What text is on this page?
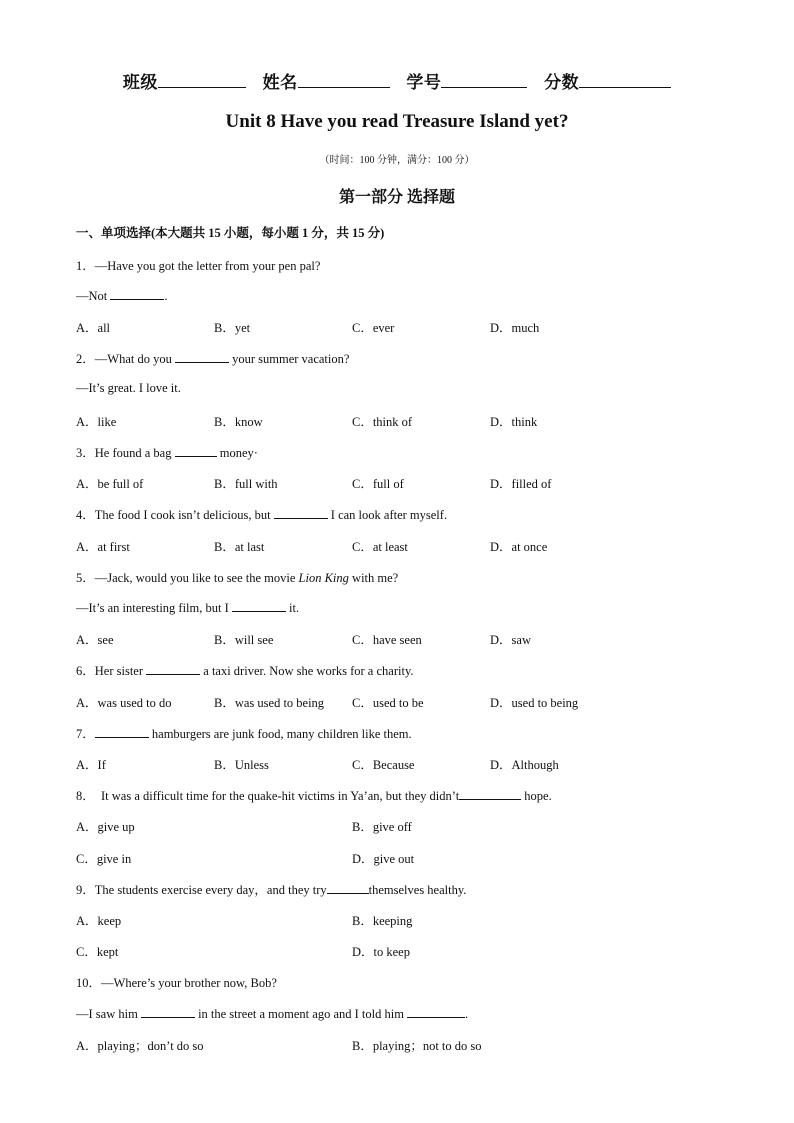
班级	姓名	学号	分数
Unit 8 Have you read Treasure Island yet?
（时间：100 分钟，满分：100 分）
第一部分 选择题
一、单项选择(本大题共 15 小题，每小题 1 分，共 15 分)
1．—Have you got the letter from your pen pal?
—Not	.
A．all	B．yet	C．ever	D．much
2．—What do you	your summer vacation?
—It’s great. I love it.
A．like	B．know	C．think of	D．think
3．He found a bag	money·
A．be full of	B．full with	C．full of	D．filled of
4．The food I cook isn’t delicious, but	I can look after myself.
A．at first	B．at last	C．at least	D．at once
5．—Jack, would you like to see the movie Lion King with me?
—It’s an interesting film, but I	it.
A．see	B．will see	C．have seen	D．saw
6．Her sister	a taxi driver. Now she works for a charity.
A．was used to do	B．was used to being C．used to be	D．used to being
7．	hamburgers are junk food, many children like them.
A．If	B．Unless	C．Because	D．Although
8．  It was a difficult time for the quake-hit victims in Ya’an, but they didn’t	hope.
A．give up	B．give off
C．give in	D．give out
9．The students exercise every day，and they try	themselves healthy.
A．keep	B．keeping
C．kept	D．to keep
10．—Where’s your brother now, Bob?
—I saw him	in the street a moment ago and I told him	.
A．playing；don’t do so	B．playing；not to do so
